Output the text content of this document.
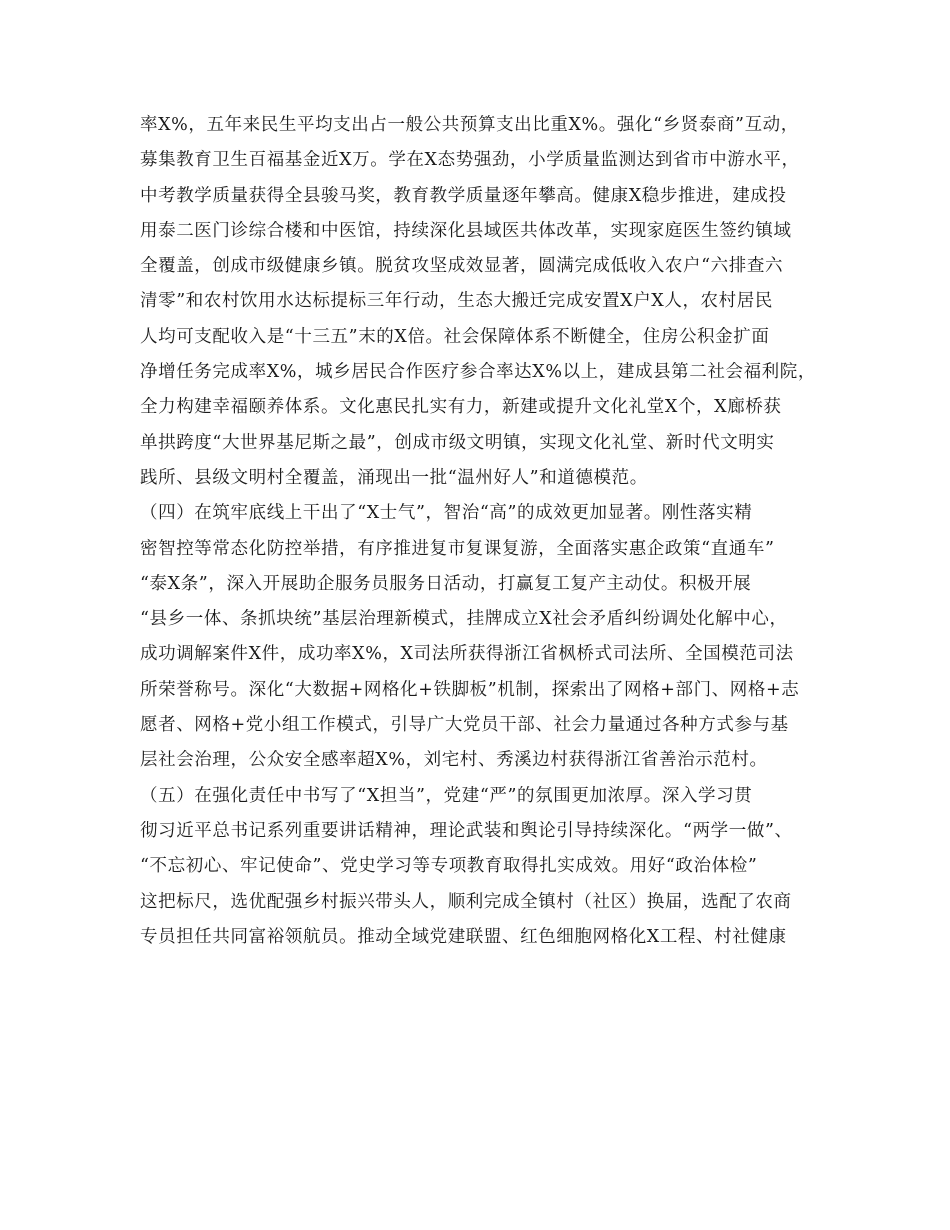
率X%，五年来民生平均支出占一般公共预算支出比重X%。强化“乡贤泰商”互动，
募集教育卫生百福基金近X万。学在X态势强劲，小学质量监测达到省市中游水平，
中考教学质量获得全县骏马奖，教育教学质量逐年攀高。健康X稳步推进，建成投
用泰二医门诊综合楼和中医馆，持续深化县域医共体改革，实现家庭医生签约镇域
全覆盖，创成市级健康乡镇。脱贫攻坚成效显著，圆满完成低收入农户“六排查六
清零”和农村饮用水达标提标三年行动，生态大搬迁完成安置X户X人，农村居民
人均可支配收入是“十三五”末的X倍。社会保障体系不断健全，住房公积金扩面
净增任务完成率X%，城乡居民合作医疗参合率达X%以上，建成县第二社会福利院，
全力构建幸福颐养体系。文化惠民扎实有力，新建或提升文化礼堂X个，X廊桥获
单拱跨度“大世界基尼斯之最”，创成市级文明镇，实现文化礼堂、新时代文明实
践所、县级文明村全覆盖，涌现出一批“温州好人”和道德模范。
（四）在筑牢底线上干出了“X士气”，智治“高”的成效更加显著。刚性落实精
密智控等常态化防控举措，有序推进复市复课复游，全面落实惠企政策“直通车”
“泰X条”，深入开展助企服务员服务日活动，打赢复工复产主动仗。积极开展
“县乡一体、条抓块统”基层治理新模式，挂牌成立X社会矛盾纠纷调处化解中心，
成功调解案件X件，成功率X%，X司法所获得浙江省枫桥式司法所、全国模范司法
所荣誉称号。深化“大数据+网格化+铁脚板”机制，探索出了网格+部门、网格+志
愿者、网格+党小组工作模式，引导广大党员干部、社会力量通过各种方式参与基
层社会治理，公众安全感率超X%，刘宅村、秀溪边村获得浙江省善治示范村。
（五）在强化责任中书写了“X担当”，党建“严”的氛围更加浓厚。深入学习贯
彻习近平总书记系列重要讲话精神，理论武装和舆论引导持续深化。“两学一做”、
“不忘初心、牢记使命”、党史学习等专项教育取得扎实成效。用好“政治体检”
这把标尺，选优配强乡村振兴带头人，顺利完成全镇村（社区）换届，选配了农商
专员担任共同富裕领航员。推动全域党建联盟、红色细胞网格化X工程、村社健康
